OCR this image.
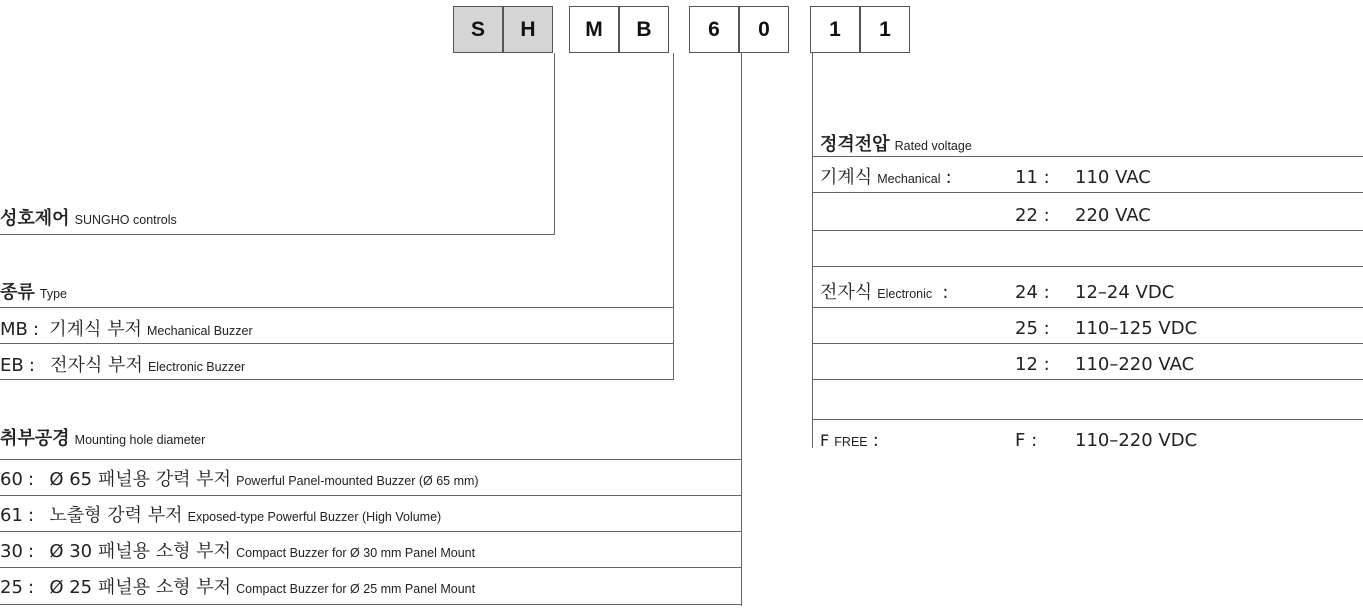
S	H	M	B	6	0	1	1
성호제어 SUNGHO controls
종류 Type
MB : 기계식 부저 Mechanical Buzzer
EB : 전자식 부저 Electronic Buzzer
취부공경 Mounting hole diameter
60 : Ø 65 패널용 강력 부저 Powerful Panel-mounted Buzzer (Ø 65 mm)
61 : 노출형 강력 부저 Exposed-type Powerful Buzzer (High Volume)
30 : Ø 30 패널용 소형 부저 Compact Buzzer for Ø 30 mm Panel Mount
25 : Ø 25 패널용 소형 부저 Compact Buzzer for Ø 25 mm Panel Mount
정격전압 Rated voltage
기계식 Mechanical :	11 : 110 VAC
22 : 220 VAC
전자식 Electronic :	24 : 12–24 VDC
25 : 110–125 VDC
12 : 110–220 VAC
F FREE :	F : 110–220 VDC
